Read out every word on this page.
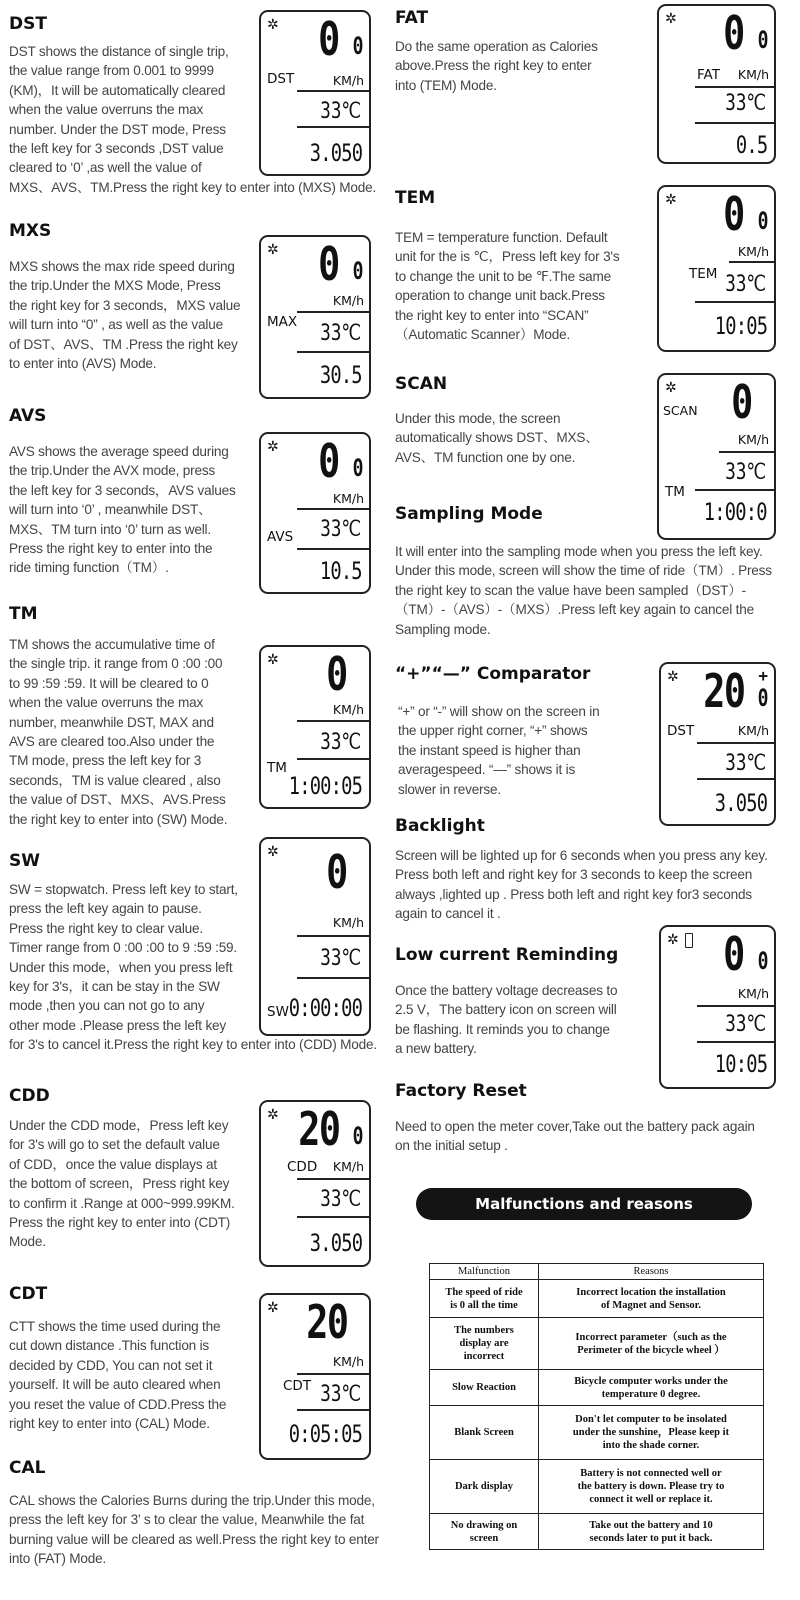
DST
DST shows the distance of single trip,
the value range from 0.001 to 9999
(KM)，It will be automatically cleared
when the value overruns the max
number. Under the DST mode, Press
the left key for 3 seconds ,DST value
cleared to ‘0’ ,as well the value of
MXS、AVS、TM.Press the right key to enter into (MXS) Mode.
MXS
MXS shows the max ride speed during
the trip.Under the MXS Mode, Press
the right key for 3 seconds，MXS value
will turn into “0” , as well as the value
of DST、AVS、TM .Press the right key
to enter into (AVS) Mode.
AVS
AVS shows the average speed during
the trip.Under the AVX mode, press
the left key for 3 seconds，AVS values
will turn into ‘0’ , meanwhile DST、
MXS、TM turn into ‘0’ turn as well.
Press the right key to enter into the
ride timing function（TM）.
TM
TM shows the accumulative time of
the single trip. it range from 0 :00 :00
to 99 :59 :59. It will be cleared to 0
when the value overruns the max
number, meanwhile DST, MAX and
AVS are cleared too.Also under the
TM mode, press the left key for 3
seconds，TM is value cleared , also
the value of DST、MXS、AVS.Press
the right key to enter into (SW) Mode.
SW
SW = stopwatch. Press left key to start,
press the left key again to pause.
Press the right key to clear value.
Timer range from 0 :00 :00 to 9 :59 :59.
Under this mode，when you press left
key for 3's，it can be stay in the SW
mode ,then you can not go to any
other mode .Please press the left key
for 3's to cancel it.Press the right key to enter into (CDD) Mode.
CDD
Under the CDD mode，Press left key
for 3's will go to set the default value
of CDD，once the value displays at
the bottom of screen，Press right key
to confirm it .Range at 000~999.99KM.
Press the right key to enter into (CDT)
Mode.
CDT
CTT shows the time used during the
cut down distance .This function is
decided by CDD, You can not set it
yourself. It will be auto cleared when
you reset the value of CDD.Press the
right key to enter into (CAL) Mode.
CAL
CAL shows the Calories Burns during the trip.Under this mode,
press the left key for 3’ s to clear the value, Meanwhile the fat
burning value will be cleared as well.Press the right key to enter
into (FAT) Mode.
FAT
Do the same operation as Calories
above.Press the right key to enter
into (TEM) Mode.
TEM
TEM = temperature function. Default
unit for the is ℃，Press left key for 3's
to change the unit to be ℉.The same
operation to change unit back.Press
the right key to enter into “SCAN”
（Automatic Scanner）Mode.
SCAN
Under this mode, the screen
automatically shows DST、MXS、
AVS、TM function one by one.
Sampling Mode
It will enter into the sampling mode when you press the left key.
Under this mode, screen will show the time of ride（TM）. Press
the right key to scan the value have been sampled（DST）-
（TM）-（AVS）-（MXS）.Press left key again to cancel the
Sampling mode.
“+”“—” Comparator
“+” or “-” will show on the screen in
the upper right corner, “+” shows
the instant speed is higher than
averagespeed. “—” shows it is
slower in reverse.
Backlight
Screen will be lighted up for 6 seconds when you press any key.
Press both left and right key for 3 seconds to keep the screen
always ,lighted up . Press both left and right key for3 seconds
again to cancel it .
Low current Reminding
Once the battery voltage decreases to
2.5 V，The battery icon on screen will
be flashing. It reminds you to change
a new battery.
Factory Reset
Need to open the meter cover,Take out the battery pack again
on the initial setup .
✲ 0 0
DST	KM/h
33℃
3.050
✲ 0 0
KM/h
MAX 33℃
30.5
✲ 0 0
KM/h
AVS 33℃
10.5
✲ 0
KM/h
33℃
TM
1:00:05
✲ 0
KM/h
33℃
SW 0:00:00
✲ 20 0
CDD KM/h
33℃
3.050
✲ 20
KM/h
CDT 33℃
0:05:05
✲ 0 0
FAT KM/h
33℃
0.5
✲ 0 0
KM/h
TEM 33℃
10:05
✲
SCAN 0
KM/h
33℃
TM
1:00:0
✲ 20 +
0
DST	KM/h
33℃
3.050
✲ 0 0
KM/h
33℃
10:05
Malfunctions and reasons
Malfunction	Reasons
The speed of ride
is 0 all the time	Incorrect location the installation
of Magnet and Sensor.
The numbers
display are
incorrect	Incorrect parameter（such as the
Perimeter of the bicycle wheel ）
Slow Reaction	Bicycle computer works under the
temperature 0 degree.
Blank Screen	Don't let computer to be insolated
under the sunshine，Please keep it
into the shade corner.
Dark display	Battery is not connected well or
the battery is down. Please try to
connect it well or replace it.
No drawing on
screen	Take out the battery and 10
seconds later to put it back.
